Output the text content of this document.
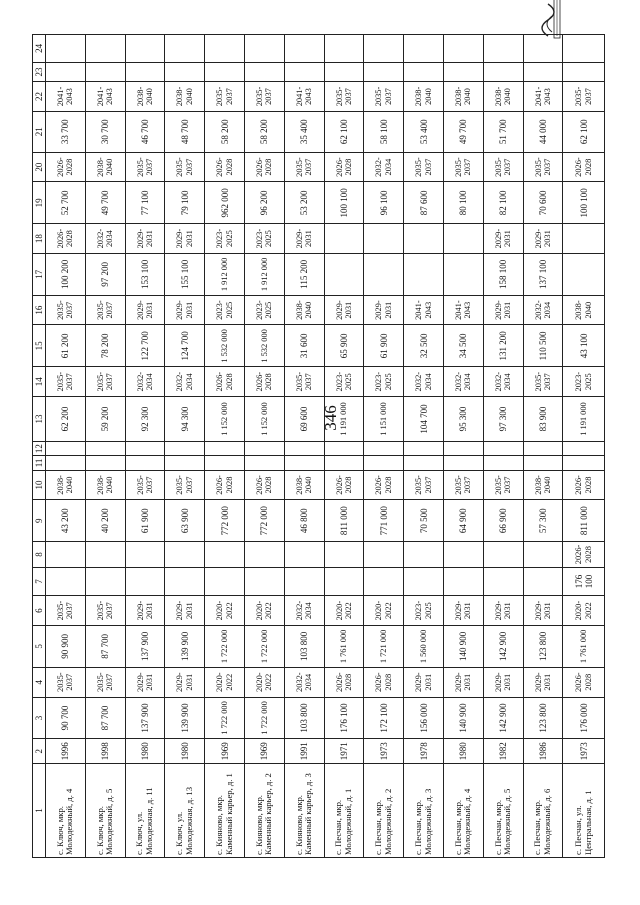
346
1	2	3	4	5	6	7	8	9	10	11	12	13	14	15	16	17	18	19	20	21	22	23	24
с. Ключ, мкр. Молодежный, д. 4	1996	90 700	2035-2037	90 900	2035-2037			43 200	2038-2040			62 200	2035-2037	61 200	2035-2037	100 200	2026-2028	52 700	2026-2028	33 700	2041-2043		
с. Ключ, мкр. Молодежный, д. 5	1998	87 700	2035-2037	87 700	2035-2037			40 200	2038-2040			59 200	2035-2037	78 200	2035-2037	97 200	2032-2034	49 700	2038-2040	30 700	2041-2043		
с. Ключ, ул. Молодежная, д. 11	1980	137 900	2029-2031	137 900	2029-2031			61 900	2035-2037			92 300	2032-2034	122 700	2029-2031	153 100	2029-2031	77 100	2035-2037	46 700	2038-2040		
с. Ключ, ул. Молодежная, д. 13	1980	139 900	2029-2031	139 900	2029-2031			63 900	2035-2037			94 300	2032-2034	124 700	2029-2031	155 100	2029-2031	79 100	2035-2037	48 700	2038-2040		
с. Кияново, мкр. Каменный карьер, д. 1	1969	1 722 000	2020-2022	1 722 000	2020-2022			772 000	2026-2028			1 152 000	2026-2028	1 532 000	2023-2025	1 912 000	2023-2025	962 000	2026-2028	58 200	2035-2037		
с. Кияново, мкр. Каменный карьер, д. 2	1969	1 722 000	2020-2022	1 722 000	2020-2022			772 000	2026-2028			1 152 000	2026-2028	1 532 000	2023-2025	1 912 000	2023-2025	96 200	2026-2028	58 200	2035-2037		
с. Кияново, мкр. Каменный карьер, д. 3	1991	103 800	2032-2034	103 800	2032-2034			46 800	2038-2040			69 600	2035-2037	31 600	2038-2040	115 200	2029-2031	53 200	2035-2037	35 400	2041-2043		
с. Песчан, мкр. Молодежный, д. 1	1971	176 100	2026-2028	1 761 000	2020-2022			811 000	2026-2028			1 191 000	2023-2025	65 900	2029-2031			100 100	2026-2028	62 100	2035-2037		
с. Песчан, мкр. Молодежный, д. 2	1973	172 100	2026-2028	1 721 000	2020-2022			771 000	2026-2028			1 151 000	2023-2025	61 900	2029-2031			96 100	2032-2034	58 100	2035-2037		
с. Песчан, мкр. Молодежный, д. 3	1978	156 000	2029-2031	1 560 000	2023-2025			70 500	2035-2037			104 700	2032-2034	32 500	2041-2043			87 600	2035-2037	53 400	2038-2040		
с. Песчан, мкр. Молодежный, д. 4	1980	140 900	2029-2031	140 900	2029-2031			64 900	2035-2037			95 300	2032-2034	34 500	2041-2043			80 100	2035-2037	49 700	2038-2040		
с. Песчан, мкр. Молодежный, д. 5	1982	142 900	2029-2031	142 900	2029-2031			66 900	2035-2037			97 300	2032-2034	131 200	2029-2031	158 100	2029-2031	82 100	2035-2037	51 700	2038-2040		
с. Песчан, мкр. Молодежный, д. 6	1986	123 800	2029-2031	123 800	2029-2031			57 300	2038-2040			83 900	2035-2037	110 500	2032-2034	137 100	2029-2031	70 600	2035-2037	44 000	2041-2043		
с. Песчан, ул. Центральная, д. 1	1973	176 000	2026-2028	1 761 000	2020-2022	176 100	2026-2028	811 000	2026-2028			1 191 000	2023-2025	43 100	2038-2040			100 100	2026-2028	62 100	2035-2037		
